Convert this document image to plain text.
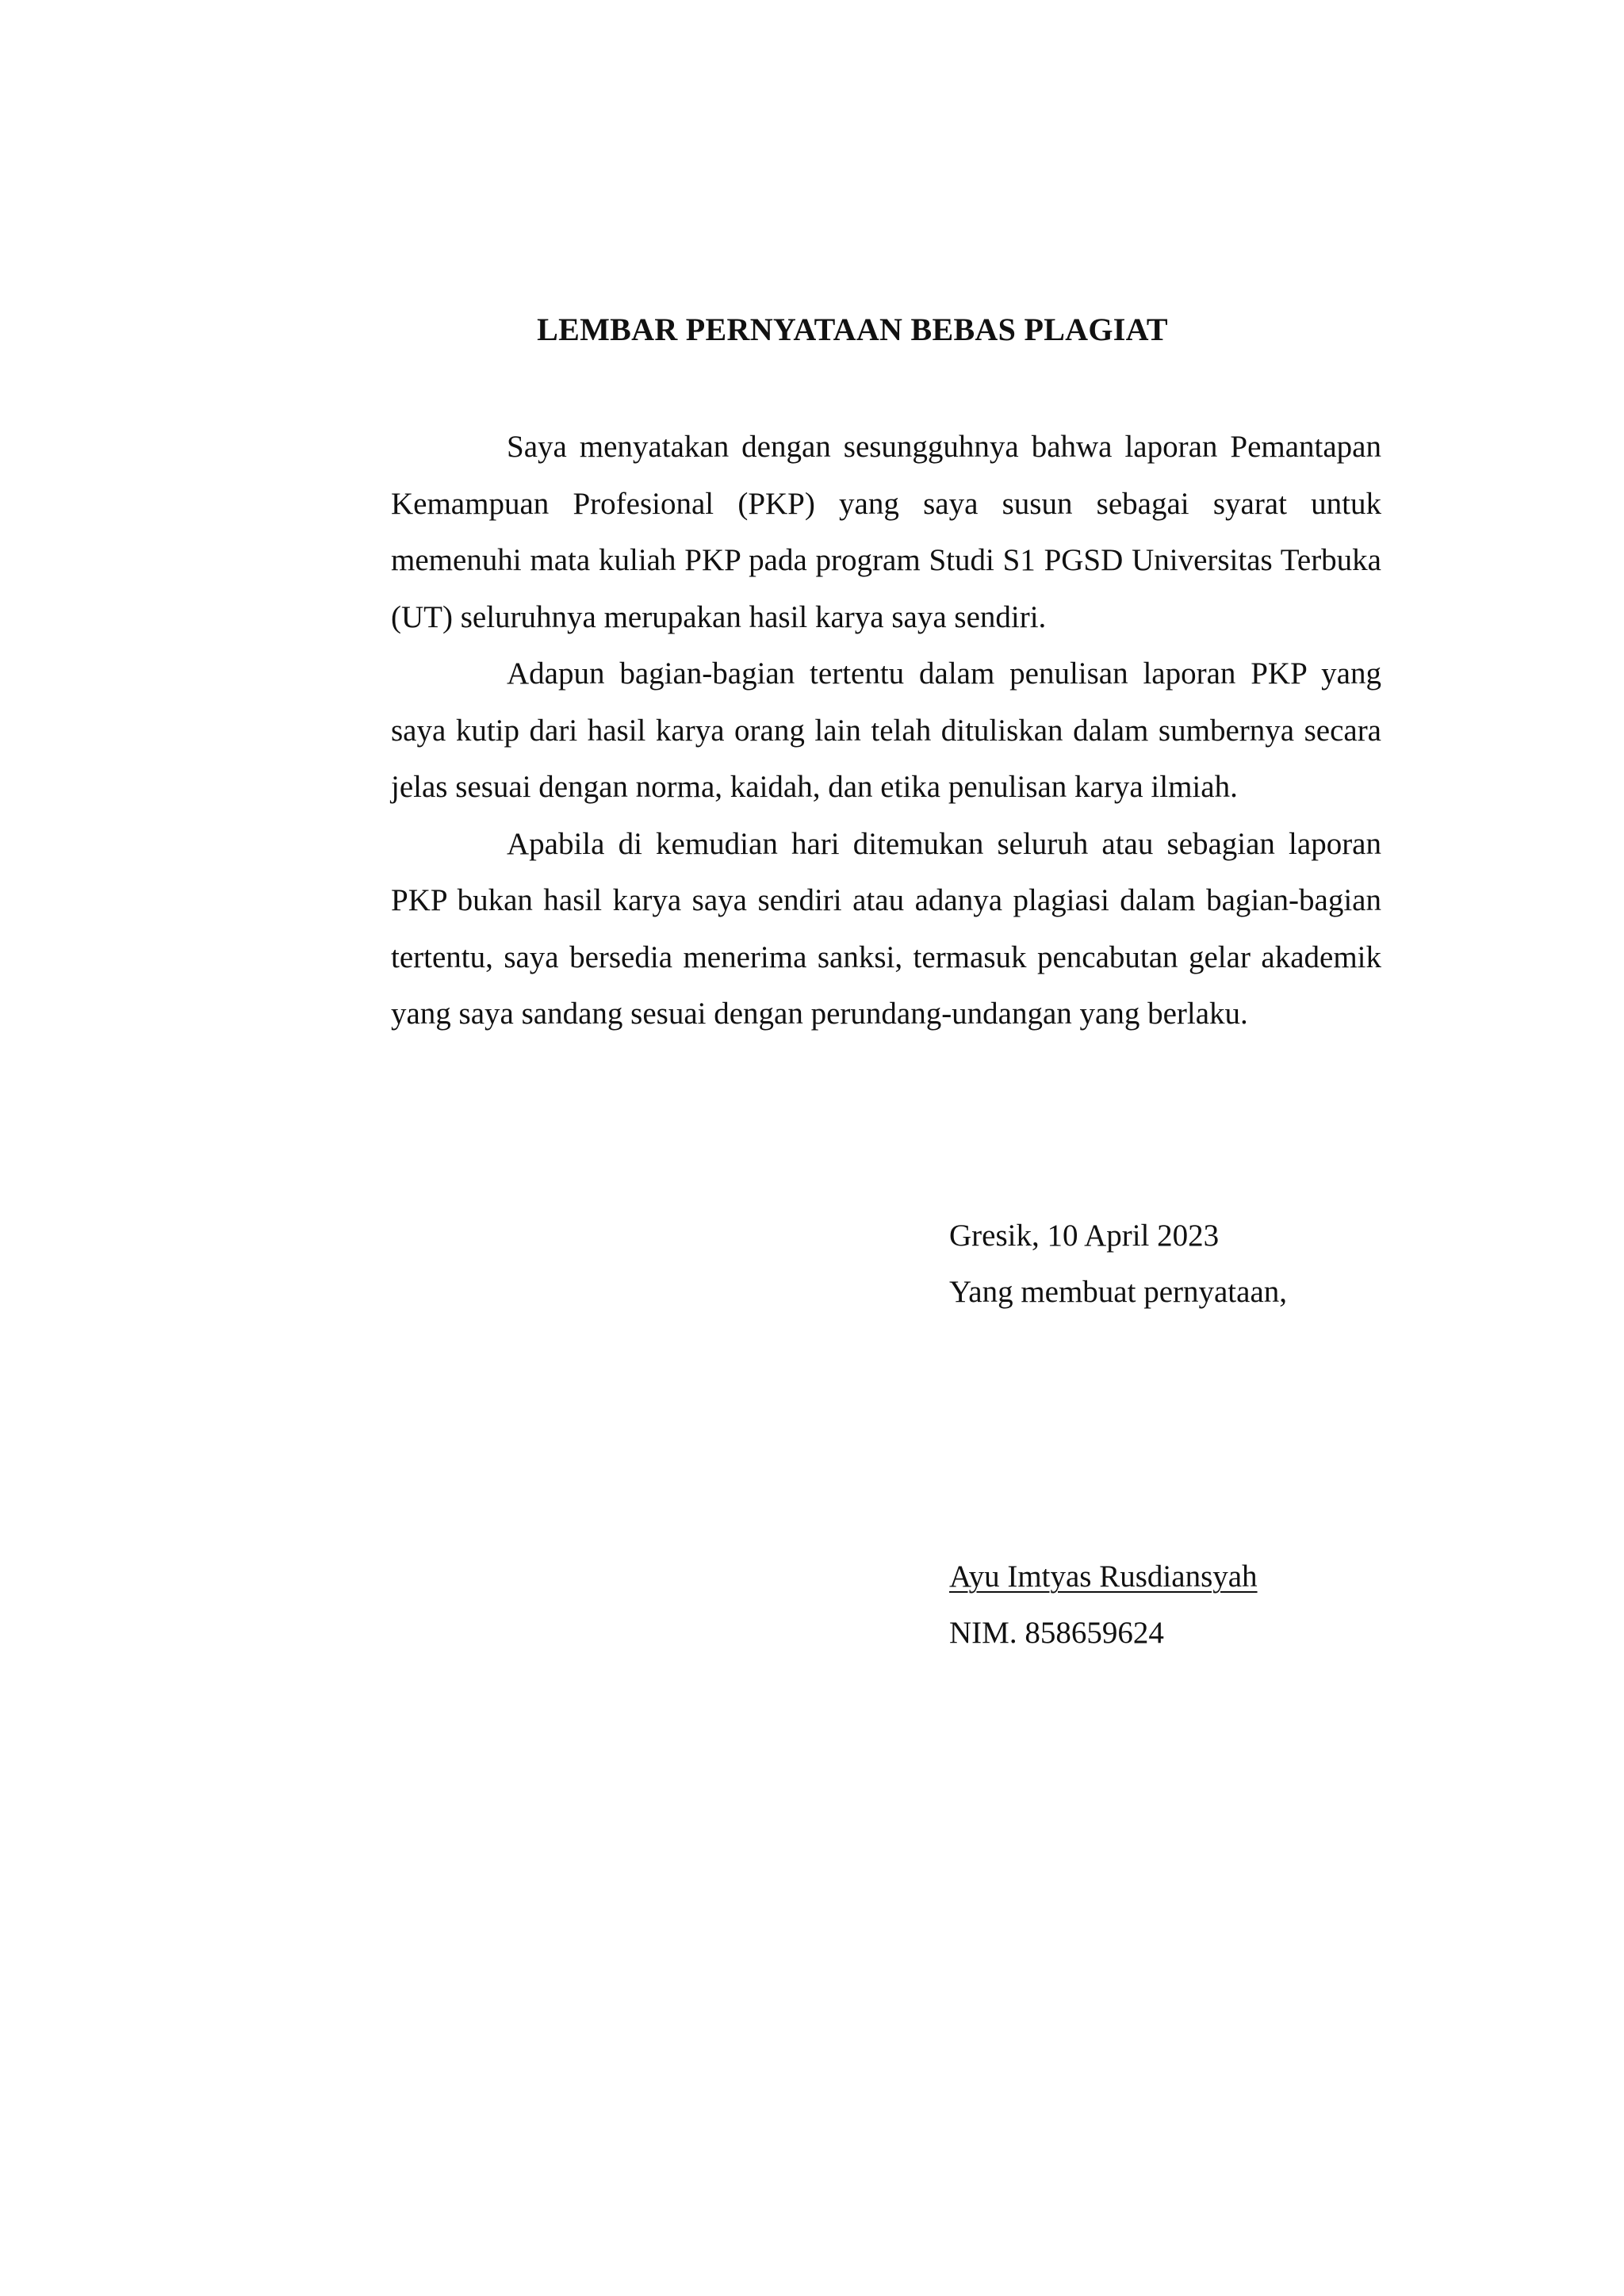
LEMBAR PERNYATAAN BEBAS PLAGIAT

Saya menyatakan dengan sesungguhnya bahwa laporan Pemantapan Kemampuan Profesional (PKP) yang saya susun sebagai syarat untuk memenuhi mata kuliah PKP pada program Studi S1 PGSD Universitas Terbuka (UT) seluruhnya merupakan hasil karya saya sendiri.

Adapun bagian-bagian tertentu dalam penulisan laporan PKP yang saya kutip dari hasil karya orang lain telah dituliskan dalam sumbernya secara jelas sesuai dengan norma, kaidah, dan etika penulisan karya ilmiah.

Apabila di kemudian hari ditemukan seluruh atau sebagian laporan PKP bukan hasil karya saya sendiri atau adanya plagiasi dalam bagian-bagian tertentu, saya bersedia menerima sanksi, termasuk pencabutan gelar akademik yang saya sandang sesuai dengan perundang-undangan yang berlaku.

Gresik, 10 April 2023
Yang membuat pernyataan,
Ayu Imtyas Rusdiansyah
NIM. 858659624
